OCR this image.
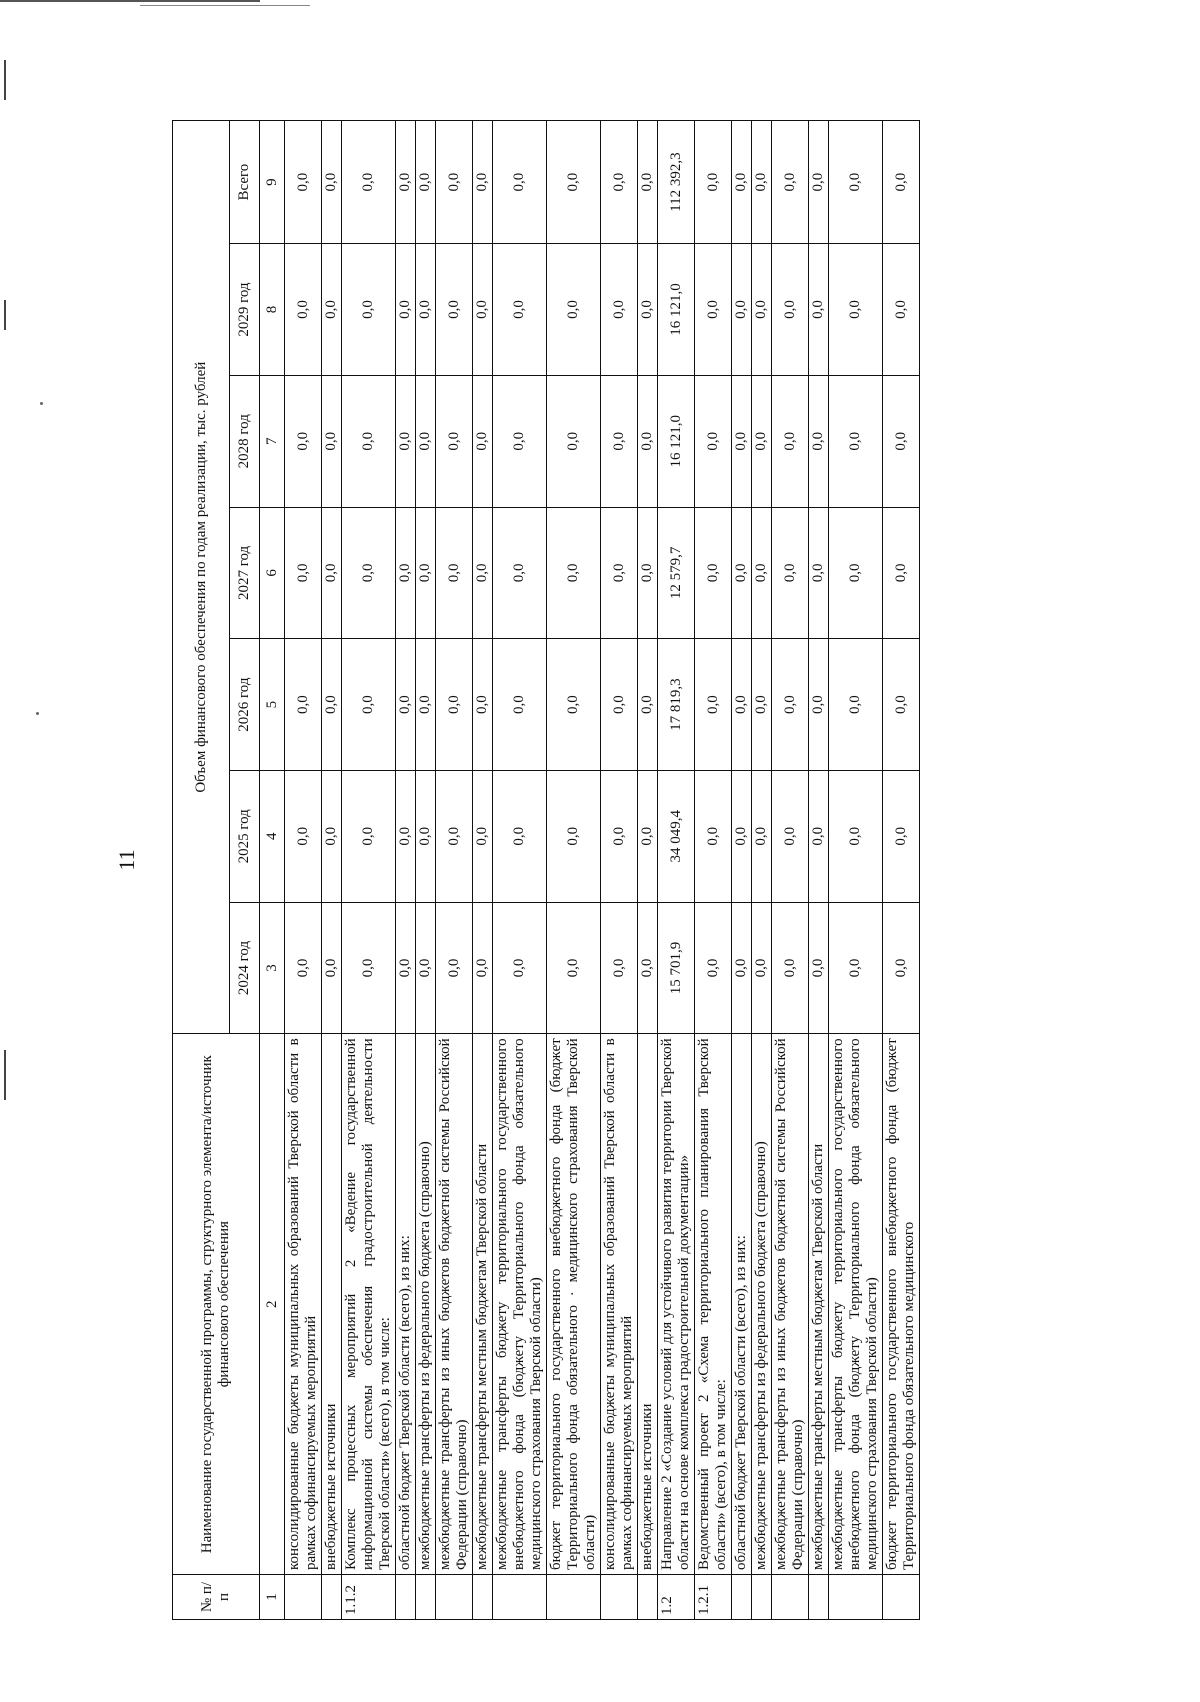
11
№ п/п	Наименование государственной программы, структурного элемента/источник финансового обеспечения	Объем финансового обеспечения по годам реализации, тыс. рублей						
		2024 год	2025 год	2026 год	2027 год	2028 год	2029 год	Всего
1	2	3	4	5	6	7	8	9
	консолидированные бюджеты муниципальных образований Тверской области в рамках софинансируемых мероприятий	0,0	0,0	0,0	0,0	0,0	0,0	0,0
	внебюджетные источники	0,0	0,0	0,0	0,0	0,0	0,0	0,0
1.1.2	Комплекс процессных мероприятий 2 «Ведение государственной информационной системы обеспечения градостроительной деятельности Тверской области» (всего), в том числе:	0,0	0,0	0,0	0,0	0,0	0,0	0,0
	областной бюджет Тверской области (всего), из них:	0,0	0,0	0,0	0,0	0,0	0,0	0,0
	межбюджетные трансферты из федерального бюджета (справочно)	0,0	0,0	0,0	0,0	0,0	0,0	0,0
	межбюджетные трансферты из иных бюджетов бюджетной системы Российской Федерации (справочно)	0,0	0,0	0,0	0,0	0,0	0,0	0,0
	межбюджетные трансферты местным бюджетам Тверской области	0,0	0,0	0,0	0,0	0,0	0,0	0,0
	межбюджетные трансферты бюджету территориального государственного внебюджетного фонда (бюджету Территориального фонда обязательного медицинского страхования Тверской области)	0,0	0,0	0,0	0,0	0,0	0,0	0,0
	бюджет территориального государственного внебюджетного фонда (бюджет Территориального фонда обязательного · медицинского страхования Тверской области)	0,0	0,0	0,0	0,0	0,0	0,0	0,0
	консолидированные бюджеты муниципальных образований Тверской области в рамках софинансируемых мероприятий	0,0	0,0	0,0	0,0	0,0	0,0	0,0
	внебюджетные источники	0,0	0,0	0,0	0,0	0,0	0,0	0,0
1.2	Направление 2 «Создание условий для устойчивого развития территории Тверской области на основе комплекса градостроительной документации»	15 701,9	34 049,4	17 819,3	12 579,7	16 121,0	16 121,0	112 392,3
1.2.1	Ведомственный проект 2 «Схема территориального планирования Тверской области» (всего), в том числе:	0,0	0,0	0,0	0,0	0,0	0,0	0,0
	областной бюджет Тверской области (всего), из них:	0,0	0,0	0,0	0,0	0,0	0,0	0,0
	межбюджетные трансферты из федерального бюджета (справочно)	0,0	0,0	0,0	0,0	0,0	0,0	0,0
	межбюджетные трансферты из иных бюджетов бюджетной системы Российской Федерации (справочно)	0,0	0,0	0,0	0,0	0,0	0,0	0,0
	межбюджетные трансферты местным бюджетам Тверской области	0,0	0,0	0,0	0,0	0,0	0,0	0,0
	межбюджетные трансферты бюджету территориального государственного внебюджетного фонда (бюджету Территориального фонда обязательного медицинского страхования Тверской области)	0,0	0,0	0,0	0,0	0,0	0,0	0,0
	бюджет территориального государственного внебюджетного фонда (бюджет Территориального фонда обязательного медицинского	0,0	0,0	0,0	0,0	0,0	0,0	0,0
